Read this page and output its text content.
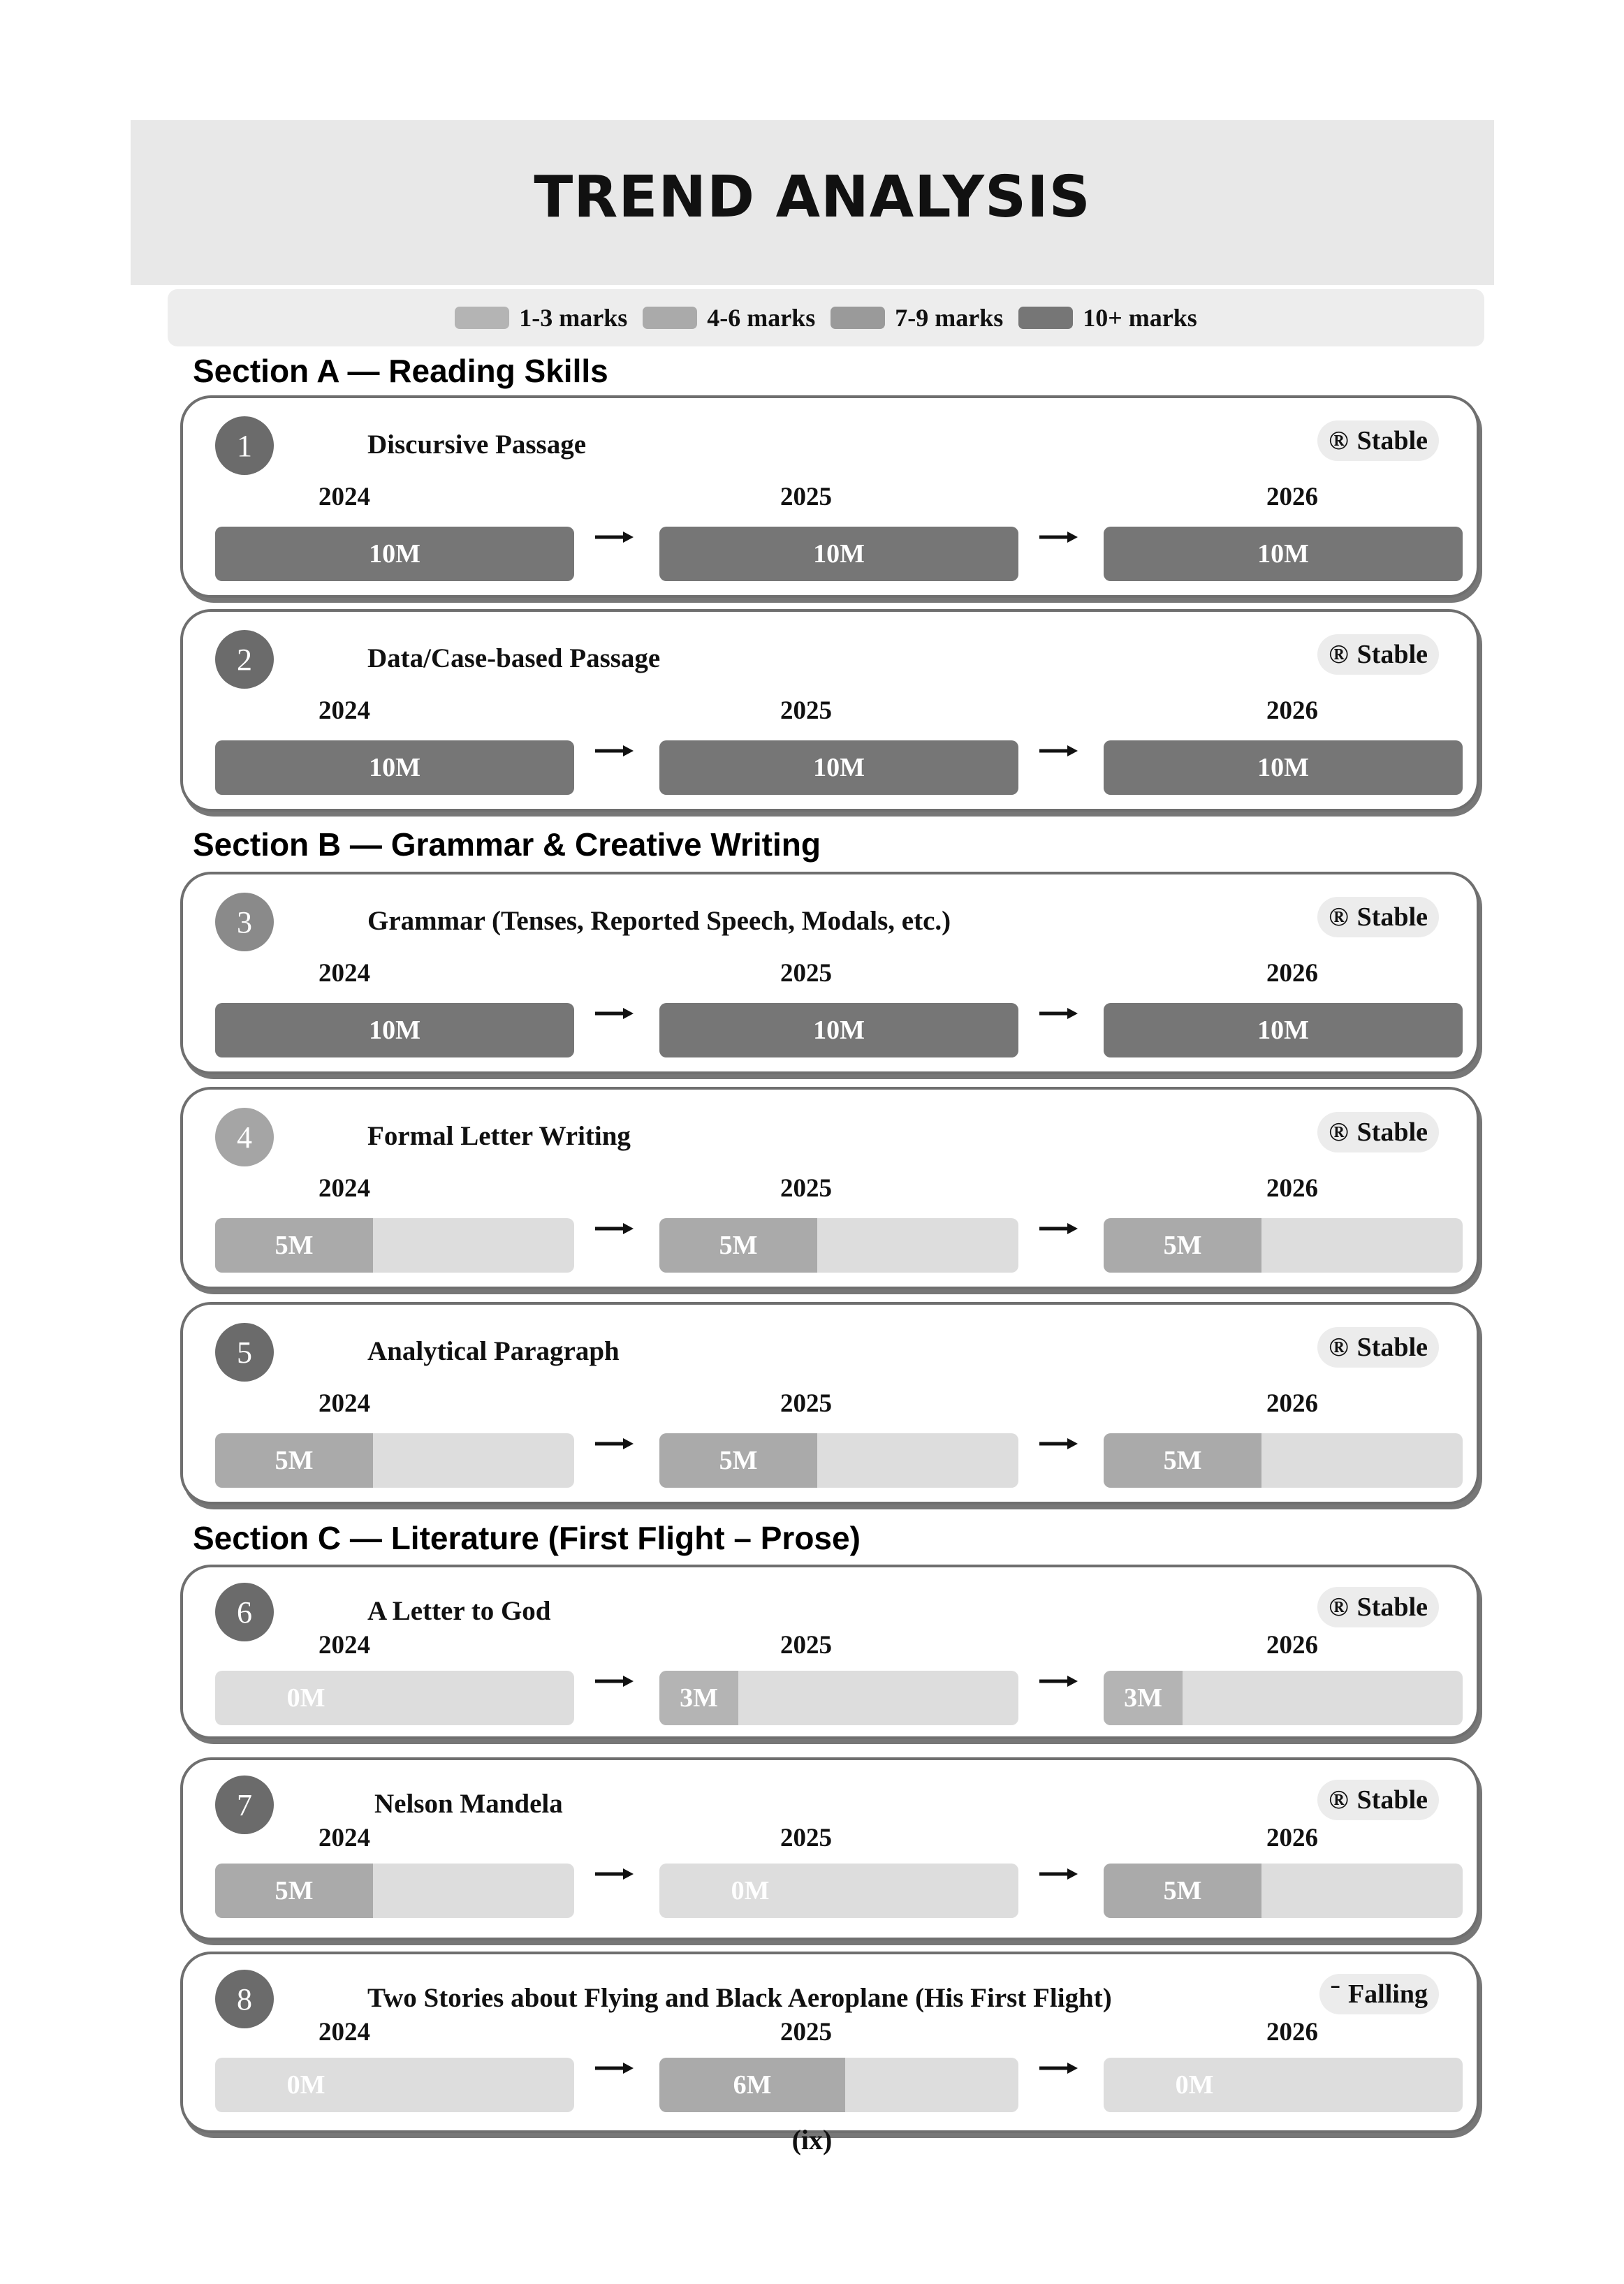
TREND ANALYSIS
1-3 marks	4-6 marks	7-9 marks	10+ marks
Section A — Reading Skills
Section B — Grammar & Creative Writing
Section C — Literature (First Flight – Prose)
1	Discursive Passage	® Stable
2024
10M
2025
10M
2026
10M
2	Data/Case-based Passage	® Stable
2024
10M
2025
10M
2026
10M
3	Grammar (Tenses, Reported Speech, Modals, etc.)	® Stable
2024
10M
2025
10M
2026
10M
4	Formal Letter Writing	® Stable
2024
5M
2025
5M
2026
5M
5	Analytical Paragraph	® Stable
2024
5M
2025
5M
2026
5M
6	A Letter to God	® Stable
2024
0M
2025
3M
2026
3M
7	Nelson Mandela	® Stable
2024
5M
2025
0M
2026
5M
8	Two Stories about Flying and Black Aeroplane (His First Flight)	ˉ Falling
2024
0M
2025
6M
2026
0M
(ix)
